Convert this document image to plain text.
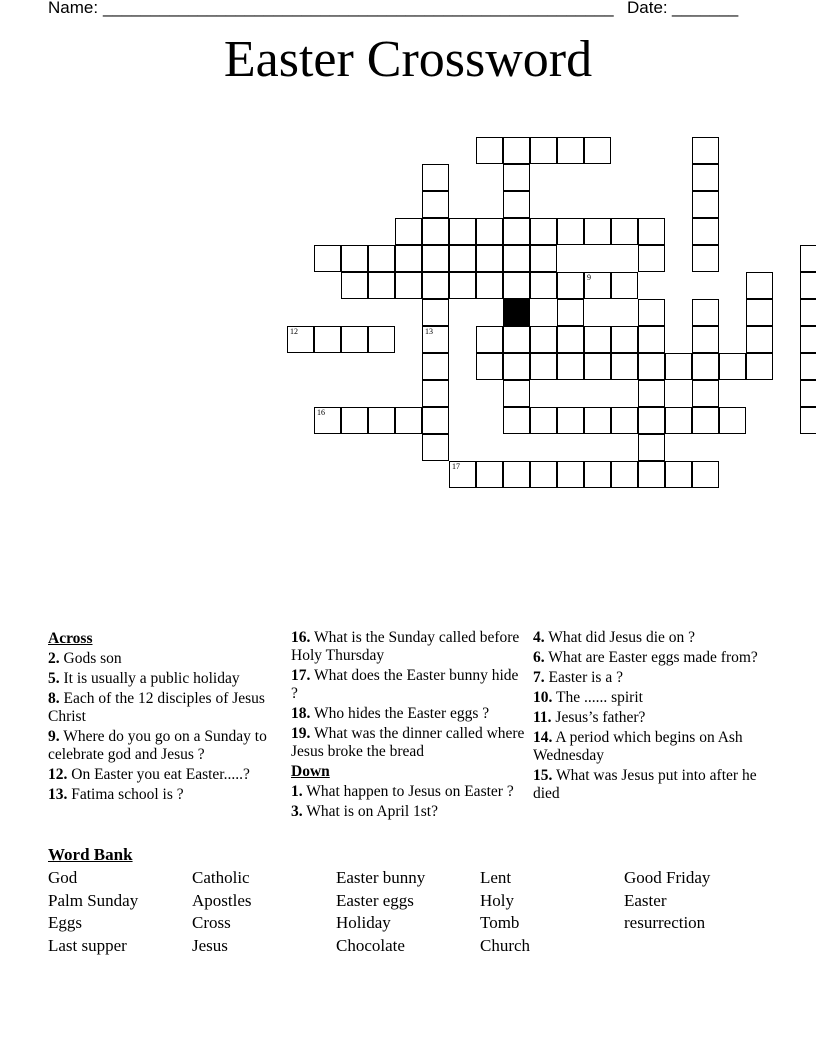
Name: ______________________________________________________ Date: _______
Easter Crossword
9
17
13
12
16
Across
2. Gods son
5. It is usually a public holiday
8. Each of the 12 disciples of Jesus Christ
9. Where do you go on a Sunday to celebrate god and Jesus ?
12. On Easter you eat Easter.....?
13. Fatima school is ?
16. What is the Sunday called before Holy Thursday
17. What does the Easter bunny hide ?
18. Who hides the Easter eggs ?
19. What was the dinner called where Jesus broke the bread
Down
1. What happen to Jesus on Easter ?
3. What is on April 1st?
4. What did Jesus die on ?
6. What are Easter eggs made from?
7. Easter is a ?
10. The ...... spirit
11. Jesus’s father?
14. A period which begins on Ash Wednesday
15. What was Jesus put into after he died
Word Bank
God	Catholic	Easter bunny	Lent	Good Friday
Palm Sunday	Apostles	Easter eggs	Holy	Easter
Eggs	Cross	Holiday	Tomb	resurrection
Last supper	Jesus	Chocolate	Church
